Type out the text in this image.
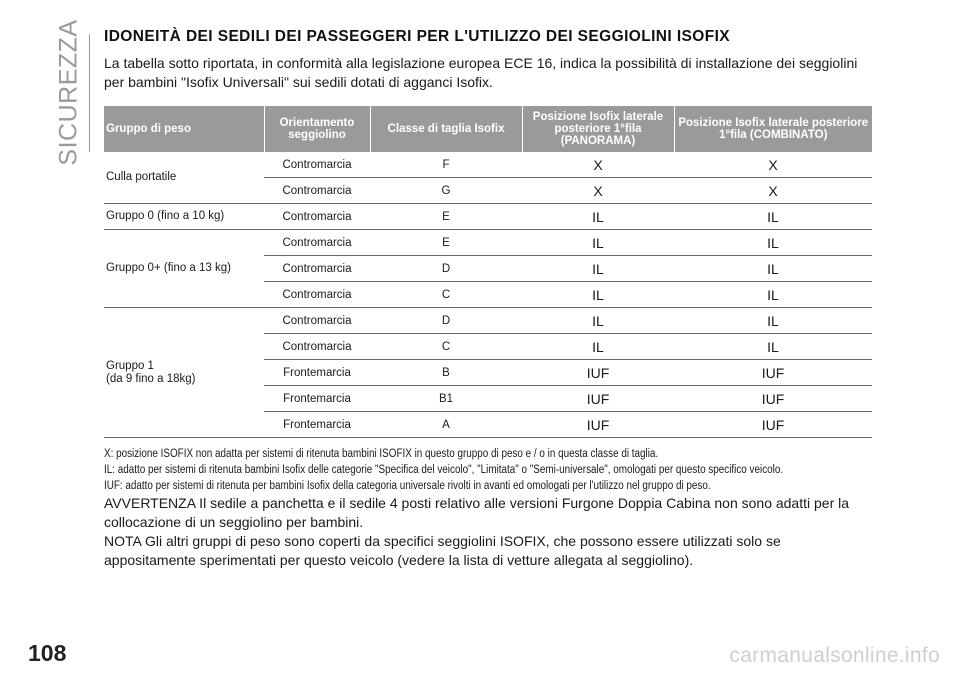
SICUREZZA IDONEITÀ DEI SEDILI DEI PASSEGGERI PER L'UTILIZZO DEI SEGGIOLINI ISOFIX

La tabella sotto riportata, in conformità alla legislazione europea ECE 16, indica la possibilità di installazione dei seggiolini per bambini "Isofix Universali" sui sedili dotati di agganci Isofix.

Gruppo di peso	Orientamento seggiolino	Classe di taglia Isofix	Posizione Isofix laterale posteriore 1°fila (PANORAMA)	Posizione Isofix laterale posteriore 1°fila (COMBINATO)

Culla portatile	Contromarcia	F	X	X
	Contromarcia	G	X	X

Gruppo 0 (fino a 10 kg)	Contromarcia	E	IL	IL

Gruppo 0+ (fino a 13 kg)	Contromarcia	E	IL	IL
	Contromarcia	D	IL	IL
	Contromarcia	C	IL	IL

Gruppo 1
(da 9 fino a 18kg)	Contromarcia	D	IL	IL
	Contromarcia	C	IL	IL
	Frontemarcia	B	IUF	IUF
	Frontemarcia	B1	IUF	IUF
	Frontemarcia	A	IUF	IUF
X: posizione ISOFIX non adatta per sistemi di ritenuta bambini ISOFIX in questo gruppo di peso e / o in questa classe di taglia.
IL: adatto per sistemi di ritenuta bambini Isofix delle categorie "Specifica del veicolo", "Limitata" o "Semi-universale", omologati per questo specifico veicolo.
IUF: adatto per sistemi di ritenuta per bambini Isofix della categoria universale rivolti in avanti ed omologati per l'utilizzo nel gruppo di peso.

AVVERTENZA Il sedile a panchetta e il sedile 4 posti relativo alle versioni Furgone Doppia Cabina non sono adatti per la collocazione di un seggiolino per bambini.

NOTA Gli altri gruppi di peso sono coperti da specifici seggiolini ISOFIX, che possono essere utilizzati solo se appositamente sperimentati per questo veicolo (vedere la lista di vetture allegata al seggiolino).

108	carmanualsonline.info
